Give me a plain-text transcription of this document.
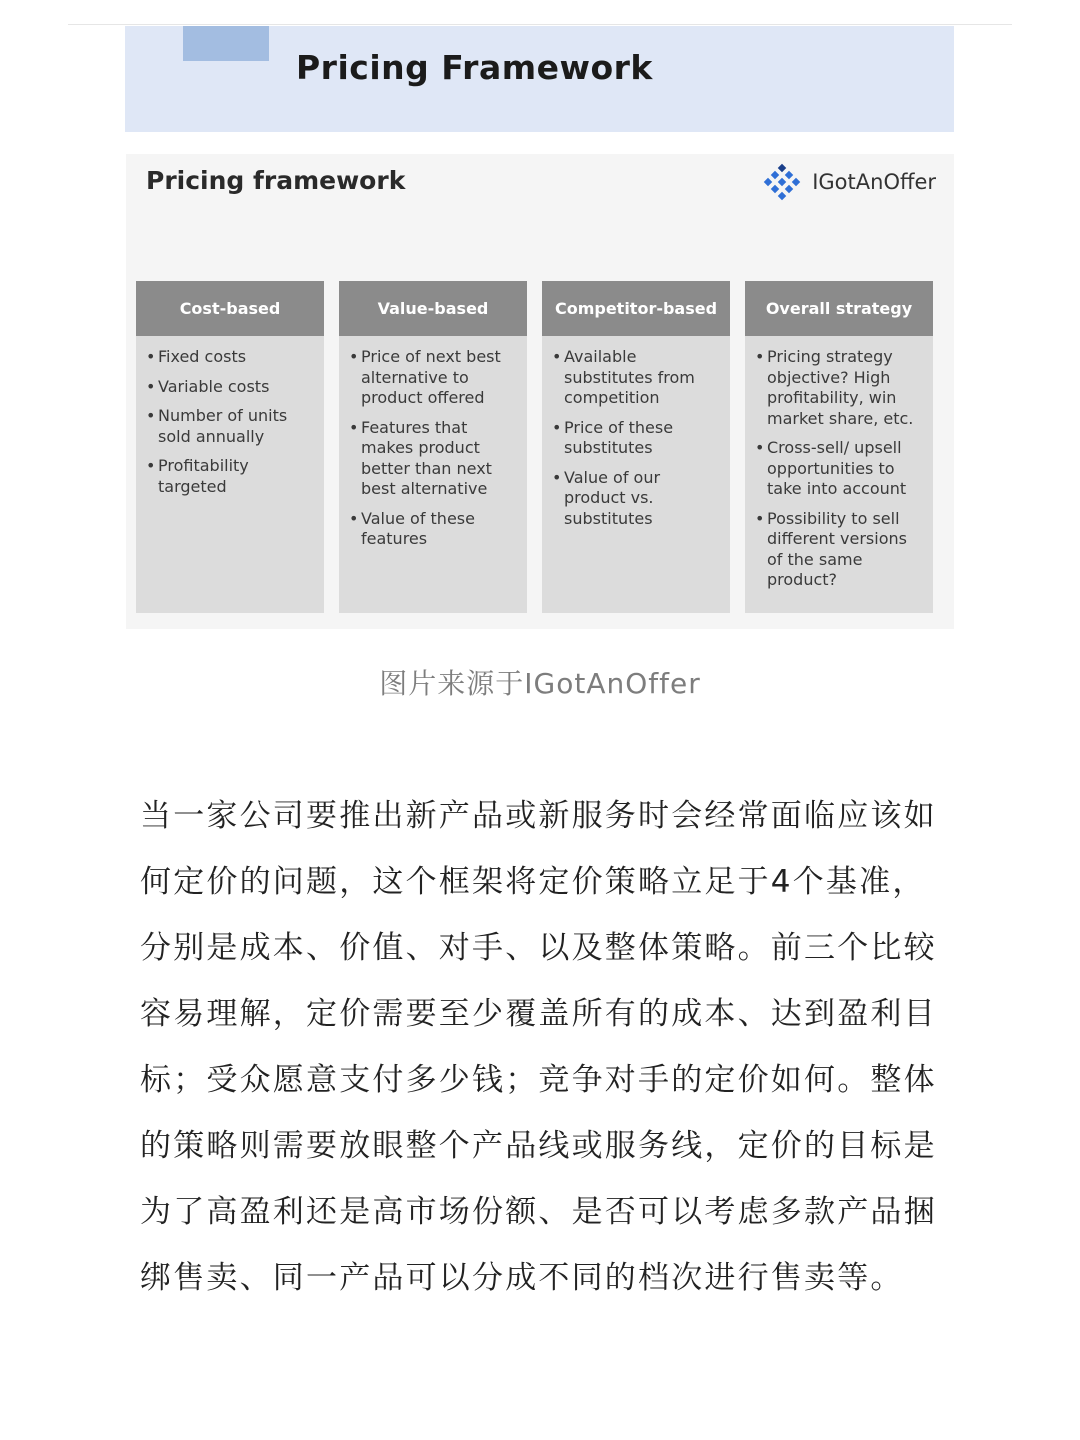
Pricing Framework
Pricing framework	IGotAnOffer
Cost-based
• Fixed costs
• Variable costs
• Number of units sold annually
• Profitability targeted
Value-based
• Price of next best alternative to product offered
• Features that makes product better than next best alternative
• Value of these features
Competitor-based
• Available substitutes from competition
• Price of these substitutes
• Value of our product vs. substitutes
Overall strategy
• Pricing strategy objective? High profitability, win market share, etc.
• Cross-sell/ upsell opportunities to take into account
• Possibility to sell different versions of the same product?
图片来源于IGotAnOffer

当一家公司要推出新产品或新服务时会经常面临应该如何定价的问题，这个框架将定价策略立足于4个基准，分别是成本、价值、对手、以及整体策略。前三个比较容易理解，定价需要至少覆盖所有的成本、达到盈利目标；受众愿意支付多少钱；竞争对手的定价如何。整体的策略则需要放眼整个产品线或服务线，定价的目标是为了高盈利还是高市场份额、是否可以考虑多款产品捆绑售卖、同一产品可以分成不同的档次进行售卖等。
